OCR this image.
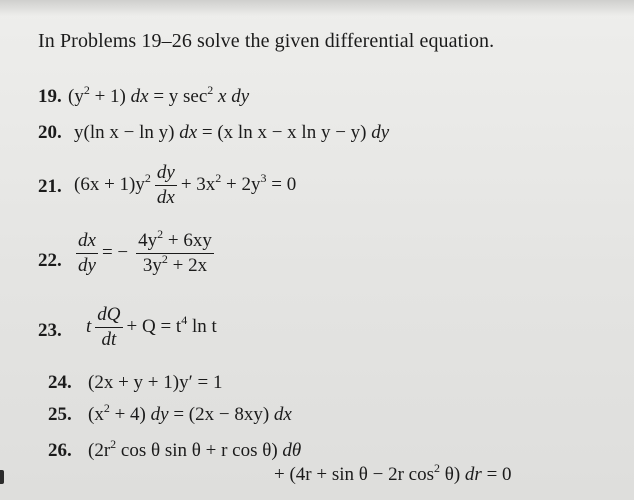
In Problems 19–26 solve the given differential equation.
19. $(y^2 + 1)$ dx = y $\sec^2 x$ dy
20. y(ln x − ln y) dx = (x ln x − x ln y − y) dy
21. $(6x + 1)y^2 \frac{dy}{dx} + 3x^2 + 2y^3 = 0$
22. $\frac{dx}{dy}$ = − $\frac{4y^2 + 6xy}{3y^2 + 2x}$
23. t $\frac{dQ}{dt} + Q = t^4$ ln t
24. (2x + y + 1)y′ = 1
25. $(x^2 + 4)$ dy = (2x − 8xy) dx
26. ($2r^2$ cos θ sin θ + r cos θ) dθ
+ (4r + sin θ − 2r $\cos^2 \theta$) dr = 0
